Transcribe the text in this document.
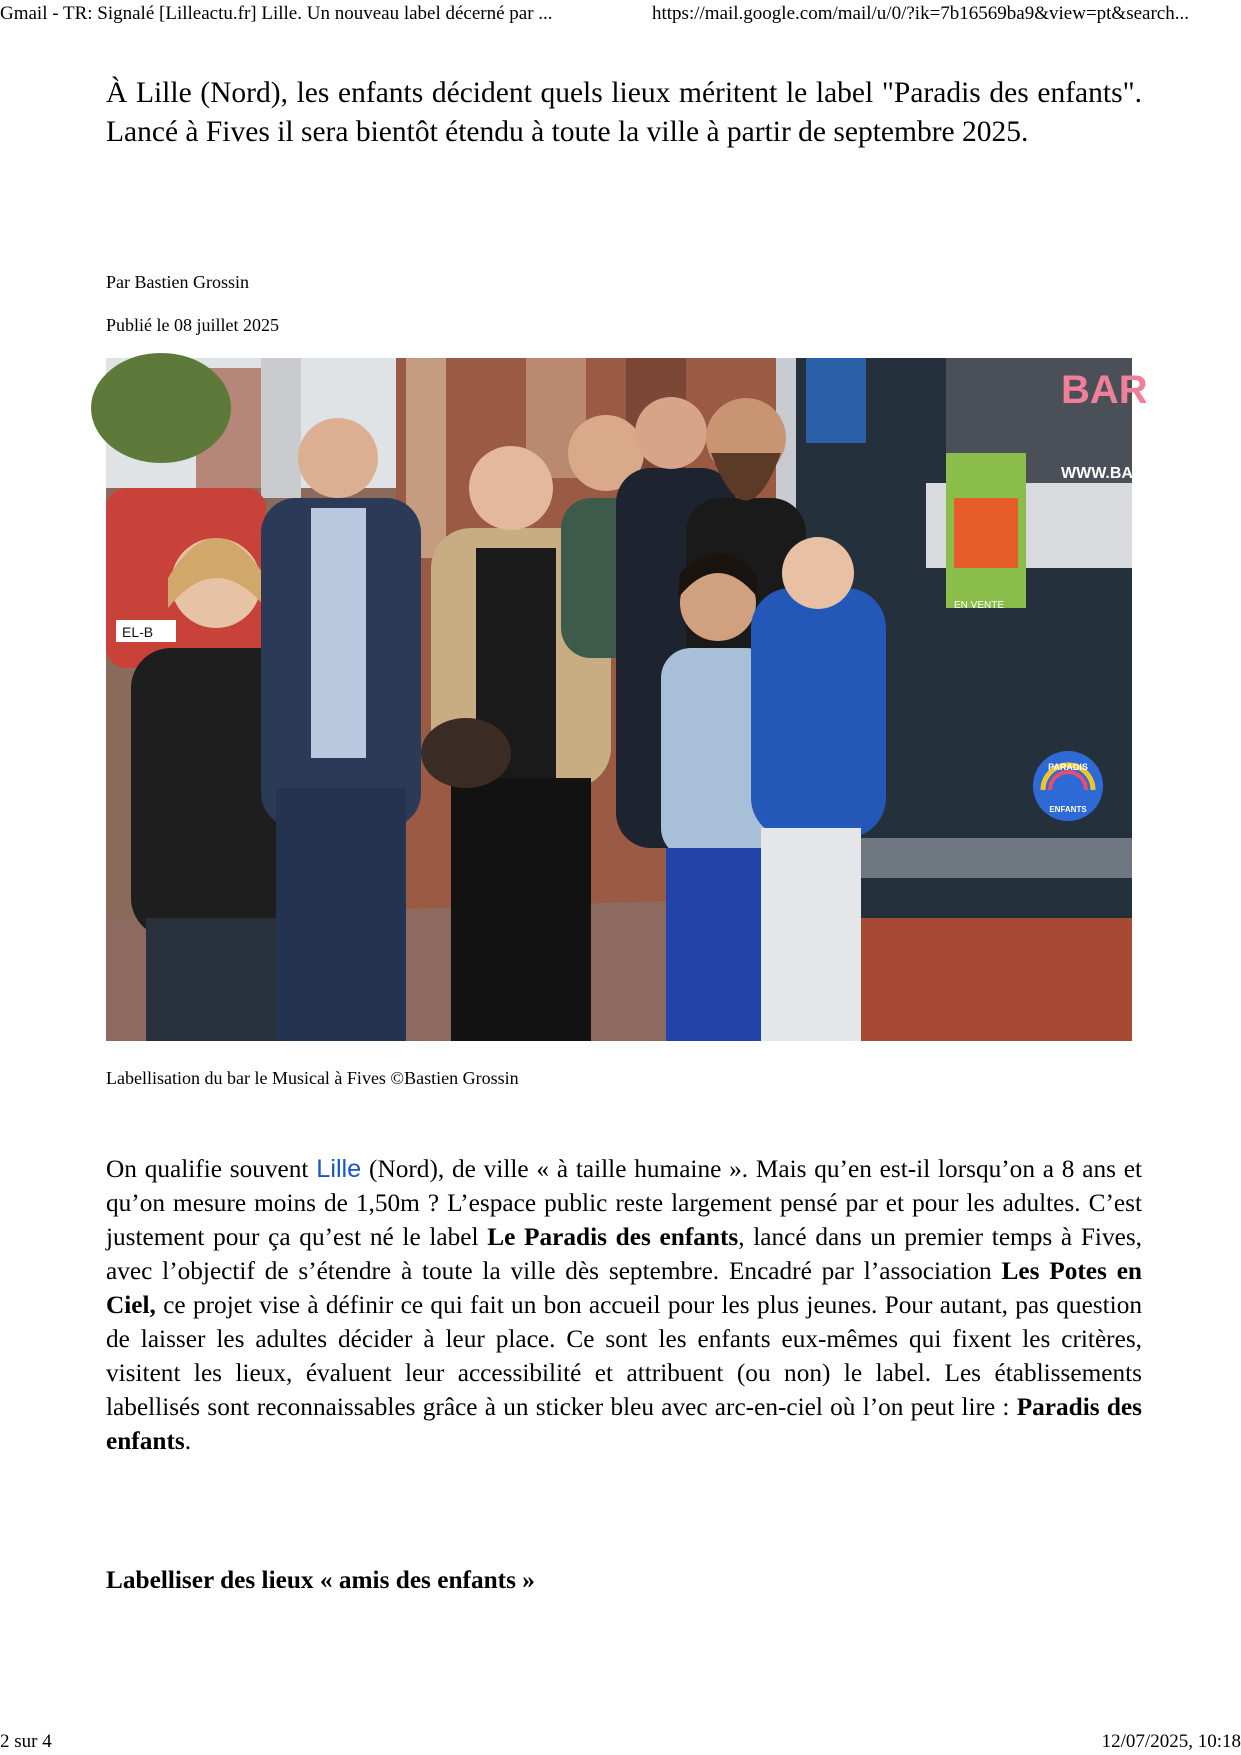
Gmail - TR: Signalé [Lilleactu.fr] Lille. Un nouveau label décerné par ...	https://mail.google.com/mail/u/0/?ik=7b16569ba9&view=pt&search...

À Lille (Nord), les enfants décident quels lieux méritent le label "Paradis des enfants". Lancé à Fives il sera bientôt étendu à toute la ville à partir de septembre 2025.

Par Bastien Grossin

Publié le 08 juillet 2025

BAR
WWW.BA
EN VENTE
EL-B
PARADIS
ENFANTS

Labellisation du bar le Musical à Fives ©Bastien Grossin

On qualifie souvent Lille (Nord), de ville « à taille humaine ». Mais qu’en est-il lorsqu’on a 8 ans et qu’on mesure moins de 1,50m ? L’espace public reste largement pensé par et pour les adultes. C’est justement pour ça qu’est né le label Le Paradis des enfants, lancé dans un premier temps à Fives, avec l’objectif de s’étendre à toute la ville dès septembre. Encadré par l’association Les Potes en Ciel, ce projet vise à définir ce qui fait un bon accueil pour les plus jeunes. Pour autant, pas question de laisser les adultes décider à leur place. Ce sont les enfants eux-mêmes qui fixent les critères, visitent les lieux, évaluent leur accessibilité et attribuent (ou non) le label. Les établissements labellisés sont reconnaissables grâce à un sticker bleu avec arc-en-ciel où l’on peut lire : Paradis des enfants.

Labelliser des lieux « amis des enfants »
2 sur 4	12/07/2025, 10:18
